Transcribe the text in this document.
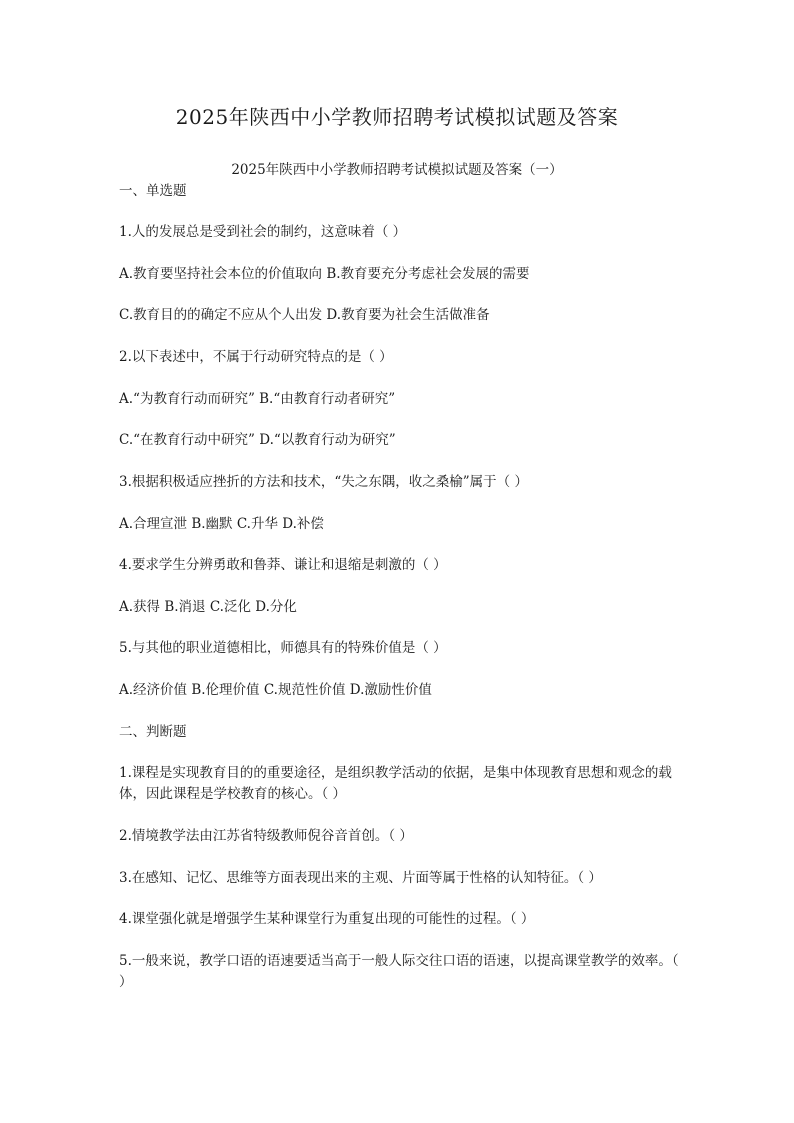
2025年陕西中小学教师招聘考试模拟试题及答案
2025年陕西中小学教师招聘考试模拟试题及答案（一）
一、单选题
1.人的发展总是受到社会的制约，这意味着（ ）
A.教育要坚持社会本位的价值取向 B.教育要充分考虑社会发展的需要
C.教育目的的确定不应从个人出发 D.教育要为社会生活做准备
2.以下表述中，不属于行动研究特点的是（ ）
A.“为教育行动而研究” B.“由教育行动者研究”
C.“在教育行动中研究” D.“以教育行动为研究”
3.根据积极适应挫折的方法和技术，“失之东隅，收之桑榆”属于（ ）
A.合理宣泄 B.幽默 C.升华 D.补偿
4.要求学生分辨勇敢和鲁莽、谦让和退缩是刺激的（ ）
A.获得 B.消退 C.泛化 D.分化
5.与其他的职业道德相比，师德具有的特殊价值是（ ）
A.经济价值 B.伦理价值 C.规范性价值 D.激励性价值
二、判断题
1.课程是实现教育目的的重要途径，是组织教学活动的依据，是集中体现教育思想和观念的载体，因此课程是学校教育的核心。（ ）
2.情境教学法由江苏省特级教师倪谷音首创。（ ）
3.在感知、记忆、思维等方面表现出来的主观、片面等属于性格的认知特征。（ ）
4.课堂强化就是增强学生某种课堂行为重复出现的可能性的过程。（ ）
5.一般来说，教学口语的语速要适当高于一般人际交往口语的语速，以提高课堂教学的效率。（ ）
